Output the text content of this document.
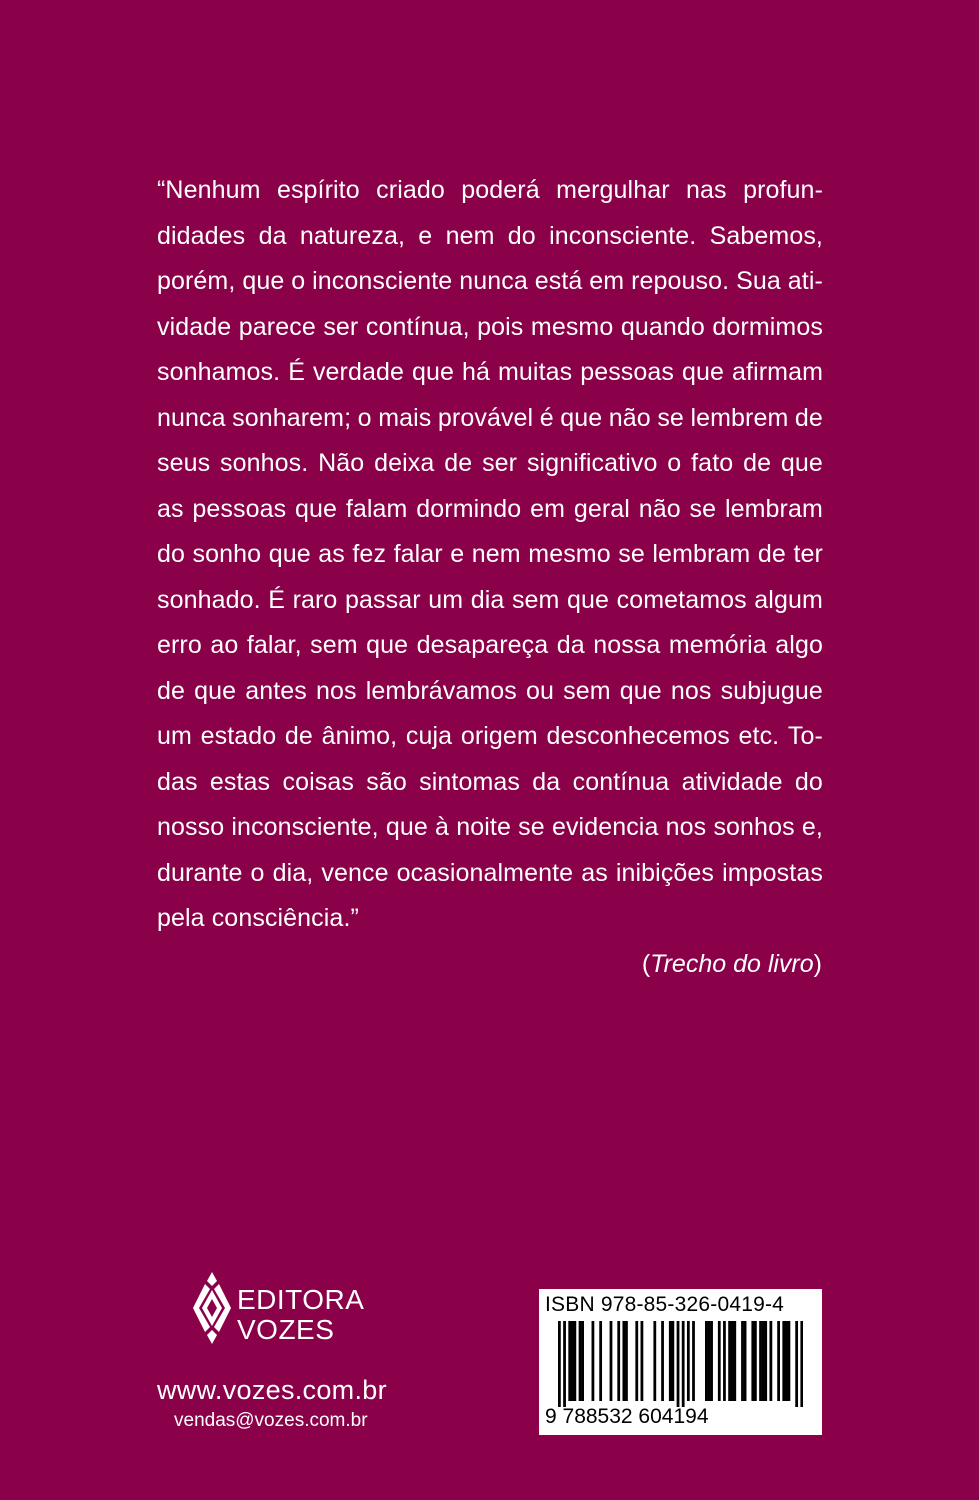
“Nenhum espírito criado poderá mergulhar nas profun-
didades da natureza, e nem do inconsciente. Sabemos,
porém, que o inconsciente nunca está em repouso. Sua ati-
vidade parece ser contínua, pois mesmo quando dormimos
sonhamos. É verdade que há muitas pessoas que afirmam
nunca sonharem; o mais provável é que não se lembrem de
seus sonhos. Não deixa de ser significativo o fato de que
as pessoas que falam dormindo em geral não se lembram
do sonho que as fez falar e nem mesmo se lembram de ter
sonhado. É raro passar um dia sem que cometamos algum
erro ao falar, sem que desapareça da nossa memória algo
de que antes nos lembrávamos ou sem que nos subjugue
um estado de ânimo, cuja origem desconhecemos etc. To-
das estas coisas são sintomas da contínua atividade do
nosso inconsciente, que à noite se evidencia nos sonhos e,
durante o dia, vence ocasionalmente as inibições impostas
pela consciência.”
(Trecho do livro)
EDITORA
VOZES
www.vozes.com.br
vendas@vozes.com.br
ISBN 978-85-326-0419-4
9 788532 604194
